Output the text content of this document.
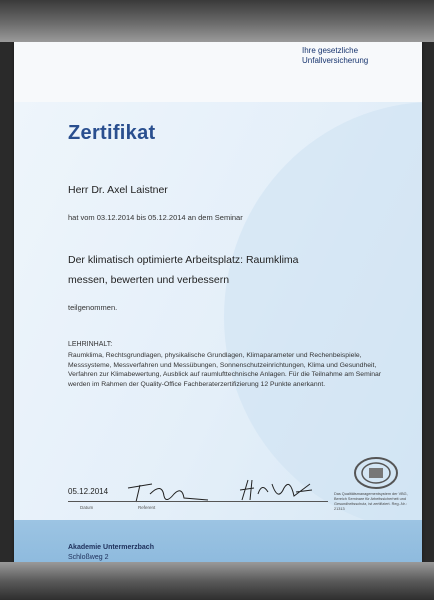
Ihre gesetzliche Unfallversicherung
Zertifikat
Herr Dr. Axel Laistner
hat vom 03.12.2014 bis 05.12.2014 an dem Seminar
Der klimatisch optimierte Arbeitsplatz: Raumklima
messen, bewerten und verbessern
teilgenommen.
LEHRINHALT:
Raumklima, Rechtsgrundlagen, physikalische Grundlagen, Klimaparameter und Rechenbeispiele, Messsysteme, Messverfahren und Messübungen, Sonnenschutzeinrichtungen, Klima und Gesundheit, Verfahren zur Klimabewertung, Ausblick auf raumlufttechnische Anlagen. Für die Teilnahme am Seminar werden im Rahmen der Quality-Office Fachberaterzertifizierung 12 Punkte anerkannt.
05.12.2014
Datum	Referent
Das Qualitätsmanagementsystem der VBG, Bereich Seminare für Arbeitssicherheit und Gesundheitsschutz, ist zertifiziert. Reg.-Nr.: 21313
Akademie Untermerzbach
Schloßweg 2
